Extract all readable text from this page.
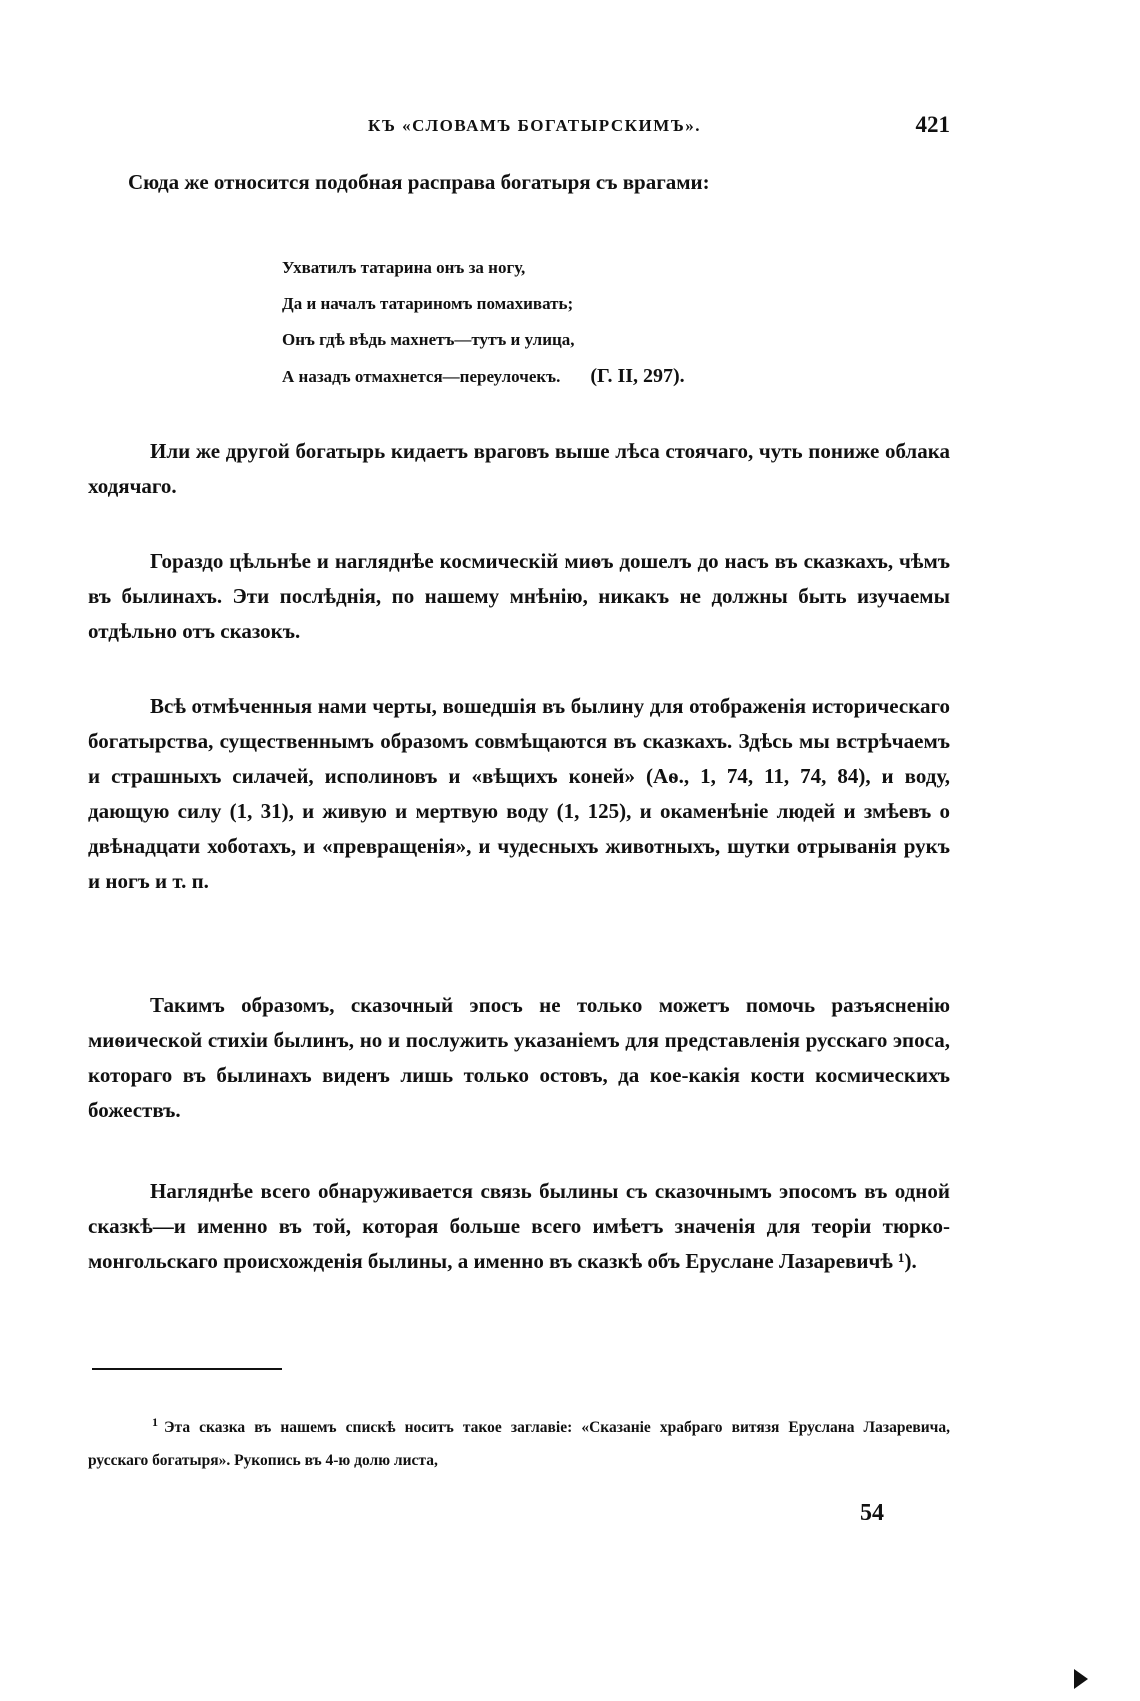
КЪ «СЛОВАМЪ БОГАТЫРСКИМЪ».	421
Сюда же относится подобная расправа богатыря съ врагами:
Ухватилъ татарина онъ за ногу,
Да и началъ татариномъ помахивать;
Онъ гдѣ вѣдь махнетъ—тутъ и улица,
А назадъ отмахнется—переулочекъ. (Г. II, 297).

Или же другой богатырь кидаетъ враговъ выше лѣса стоячаго, чуть пониже облака ходячаго.

Гораздо цѣльнѣе и нагляднѣе космическій миѳъ дошелъ до насъ въ сказкахъ, чѣмъ въ былинахъ. Эти послѣднія, по нашему мнѣнію, никакъ не должны быть изучаемы отдѣльно отъ сказокъ.

Всѣ отмѣченныя нами черты, вошедшія въ былину для отображенія историческаго богатырства, существеннымъ образомъ совмѣщаются въ сказкахъ. Здѣсь мы встрѣчаемъ и страшныхъ силачей, исполиновъ и «вѣщихъ коней» (Аѳ., 1, 74, 11, 74, 84), и воду, дающую силу (1, 31), и живую и мертвую воду (1, 125), и окаменѣніе людей и змѣевъ о двѣнадцати хоботахъ, и «превращенія», и чудесныхъ животныхъ, шутки отрыванія рукъ и ногъ и т. п.

Такимъ образомъ, сказочный эпосъ не только можетъ помочь разъясненію миѳической стихіи былинъ, но и послужить указаніемъ для представленія русскаго эпоса, котораго въ былинахъ виденъ лишь только остовъ, да кое-какія кости космическихъ божествъ.

Нагляднѣе всего обнаруживается связь былины съ сказочнымъ эпосомъ въ одной сказкѣ—и именно въ той, которая больше всего имѣетъ значенія для теоріи тюрко-монгольскаго происхожденія былины, а именно въ сказкѣ объ Еруслане Лазаревичѣ ¹).

$^1$ Эта сказка въ нашемъ спискѣ носитъ такое заглавіе: «Сказаніе храбраго витязя Еруслана Лазаревича, русскаго богатыря». Рукопись въ 4-ю долю листа,

54
